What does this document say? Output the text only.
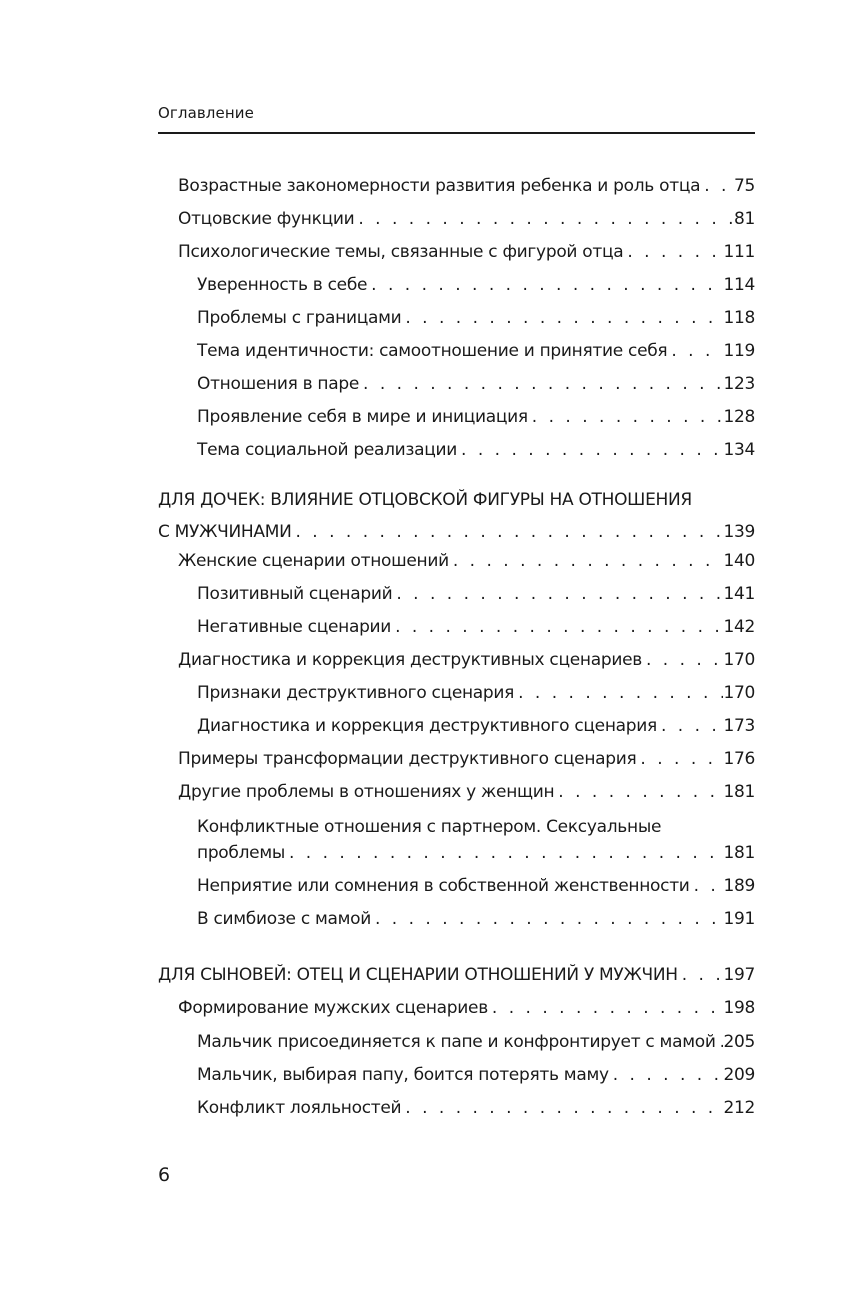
Оглавление
Возрастные закономерности развития ребенка и роль отца . . . 75
Отцовские функции . . .	81
Психологические темы, связанные с фигурой отца . . .	111
Уверенность в себе . . .	114
Проблемы с границами . . .	118
Тема идентичности: самоотношение и принятие себя . . .	119
Отношения в паре . . .	123
Проявление себя в мире и инициация . . .	128
Тема социальной реализации . . .	134
ДЛЯ ДОЧЕК: ВЛИЯНИЕ ОТЦОВСКОЙ ФИГУРЫ НА ОТНОШЕНИЯ
С МУЖЧИНАМИ . . .	139
Женские сценарии отношений . . .	140
Позитивный сценарий . . .	141
Негативные сценарии . . .	142
Диагностика и коррекция деструктивных сценариев . . .	170
Признаки деструктивного сценария . . .	170
Диагностика и коррекция деструктивного сценария . . .	173
Примеры трансформации деструктивного сценария . . .	176
Другие проблемы в отношениях у женщин . . .	181
Конфликтные отношения с партнером. Сексуальные
проблемы . . .	181
Неприятие или сомнения в собственной женственности . . . 189
В симбиозе с мамой . . .	191
ДЛЯ СЫНОВЕЙ: ОТЕЦ И СЦЕНАРИИ ОТНОШЕНИЙ У МУЖЧИН . . .	197
Формирование мужских сценариев . . .	198
Мальчик присоединяется к папе и конфронтирует с мамой . . . 205
Мальчик, выбирая папу, боится потерять маму . . .	209
Конфликт лояльностей . . .	212
6
